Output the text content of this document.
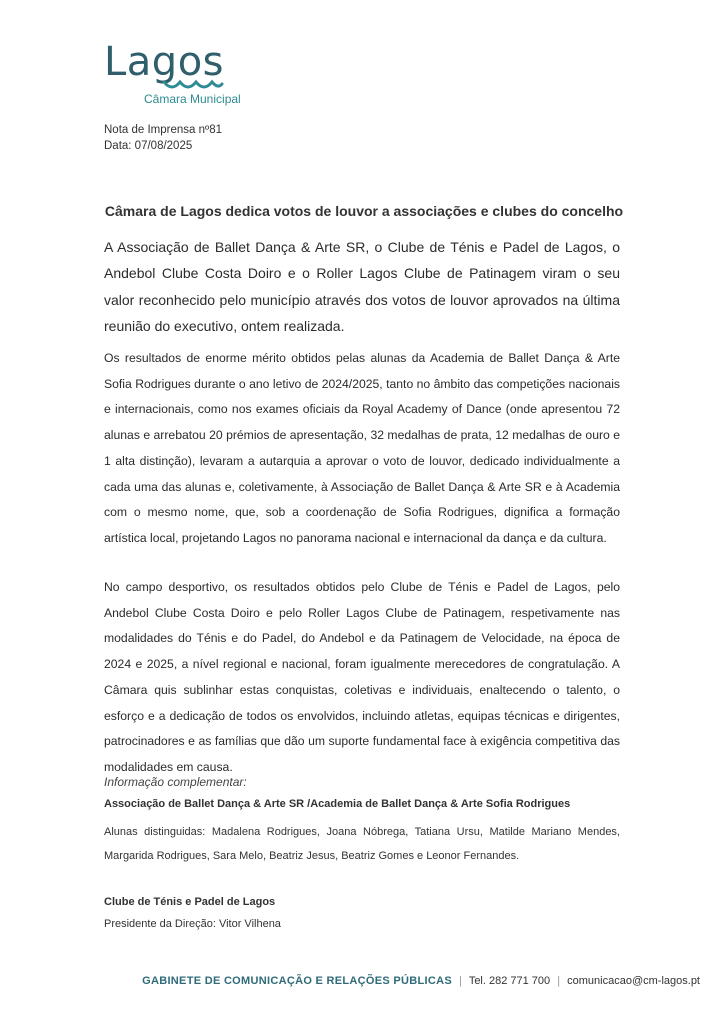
Lagos
Câmara Municipal
Nota de Imprensa nº81
Data: 07/08/2025
Câmara de Lagos dedica votos de louvor a associações e clubes do concelho
A Associação de Ballet Dança & Arte SR, o Clube de Ténis e Padel de Lagos, o Andebol Clube Costa Doiro e o Roller Lagos Clube de Patinagem viram o seu valor reconhecido pelo município através dos votos de louvor aprovados na última reunião do executivo, ontem realizada.
Os resultados de enorme mérito obtidos pelas alunas da Academia de Ballet Dança & Arte Sofia Rodrigues durante o ano letivo de 2024/2025, tanto no âmbito das competições nacionais e internacionais, como nos exames oficiais da Royal Academy of Dance (onde apresentou 72 alunas e arrebatou 20 prémios de apresentação, 32 medalhas de prata, 12 medalhas de ouro e 1 alta distinção), levaram a autarquia a aprovar o voto de louvor, dedicado individualmente a cada uma das alunas e, coletivamente, à Associação de Ballet Dança & Arte SR e à Academia com o mesmo nome, que, sob a coordenação de Sofia Rodrigues, dignifica a formação artística local, projetando Lagos no panorama nacional e internacional da dança e da cultura.
No campo desportivo, os resultados obtidos pelo Clube de Ténis e Padel de Lagos, pelo Andebol Clube Costa Doiro e pelo Roller Lagos Clube de Patinagem, respetivamente nas modalidades do Ténis e do Padel, do Andebol e da Patinagem de Velocidade, na época de 2024 e 2025, a nível regional e nacional, foram igualmente merecedores de congratulação. A Câmara quis sublinhar estas conquistas, coletivas e individuais, enaltecendo o talento, o esforço e a dedicação de todos os envolvidos, incluindo atletas, equipas técnicas e dirigentes, patrocinadores e as famílias que dão um suporte fundamental face à exigência competitiva das modalidades em causa.
Informação complementar:
Associação de Ballet Dança & Arte SR /Academia de Ballet Dança & Arte Sofia Rodrigues
Alunas distinguidas: Madalena Rodrigues, Joana Nóbrega, Tatiana Ursu, Matilde Mariano Mendes, Margarida Rodrigues, Sara Melo, Beatriz Jesus, Beatriz Gomes e Leonor Fernandes.
Clube de Ténis e Padel de Lagos
Presidente da Direção: Vitor Vilhena
GABINETE DE COMUNICAÇÃO E RELAÇÕES PÚBLICAS | Tel. 282 771 700 | comunicacao@cm-lagos.pt
